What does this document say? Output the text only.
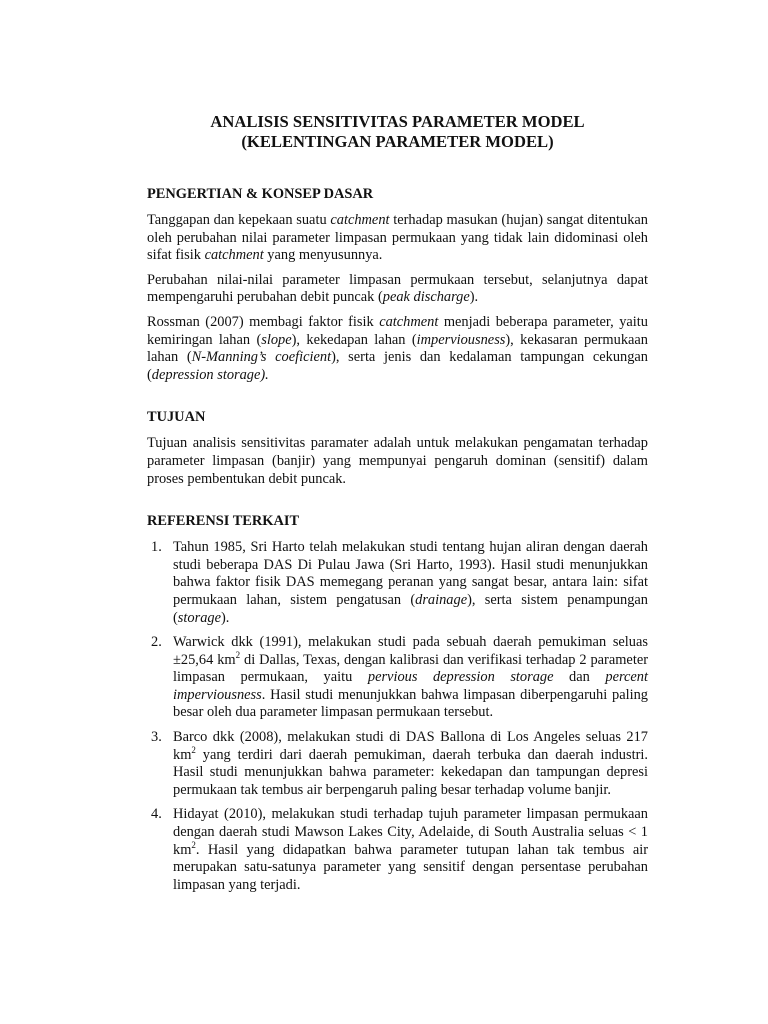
ANALISIS SENSITIVITAS PARAMETER MODEL
(KELENTINGAN PARAMETER MODEL)
PENGERTIAN & KONSEP DASAR

Tanggapan dan kepekaan suatu catchment terhadap masukan (hujan) sangat ditentukan oleh perubahan nilai parameter limpasan permukaan yang tidak lain didominasi oleh sifat fisik catchment yang menyusunnya.

Perubahan nilai-nilai parameter limpasan permukaan tersebut, selanjutnya dapat mempengaruhi perubahan debit puncak (peak discharge).

Rossman (2007) membagi faktor fisik catchment menjadi beberapa parameter, yaitu kemiringan lahan (slope), kekedapan lahan (imperviousness), kekasaran permukaan lahan (N-Manning’s coeficient), serta jenis dan kedalaman tampungan cekungan (depression storage).

TUJUAN

Tujuan analisis sensitivitas paramater adalah untuk melakukan pengamatan terhadap parameter limpasan (banjir) yang mempunyai pengaruh dominan (sensitif) dalam proses pembentukan debit puncak.

REFERENSI TERKAIT
1. Tahun 1985, Sri Harto telah melakukan studi tentang hujan aliran dengan daerah studi beberapa DAS Di Pulau Jawa (Sri Harto, 1993). Hasil studi menunjukkan bahwa faktor fisik DAS memegang peranan yang sangat besar, antara lain: sifat permukaan lahan, sistem pengatusan (drainage), serta sistem penampungan (storage).
2. Warwick dkk (1991), melakukan studi pada sebuah daerah pemukiman seluas ±25,64 $km^2$ di Dallas, Texas, dengan kalibrasi dan verifikasi terhadap 2 parameter limpasan permukaan, yaitu pervious depression storage dan percent imperviousness. Hasil studi menunjukkan bahwa limpasan diberpengaruhi paling besar oleh dua parameter limpasan permukaan tersebut.
3. Barco dkk (2008), melakukan studi di DAS Ballona di Los Angeles seluas 217 $km^2$ yang terdiri dari daerah pemukiman, daerah terbuka dan daerah industri. Hasil studi menunjukkan bahwa parameter: kekedapan dan tampungan depresi permukaan tak tembus air berpengaruh paling besar terhadap volume banjir.
4. Hidayat (2010), melakukan studi terhadap tujuh parameter limpasan permukaan dengan daerah studi Mawson Lakes City, Adelaide, di South Australia seluas < 1 $km^2$. Hasil yang didapatkan bahwa parameter tutupan lahan tak tembus air merupakan satu-satunya parameter yang sensitif dengan persentase perubahan limpasan yang terjadi.
